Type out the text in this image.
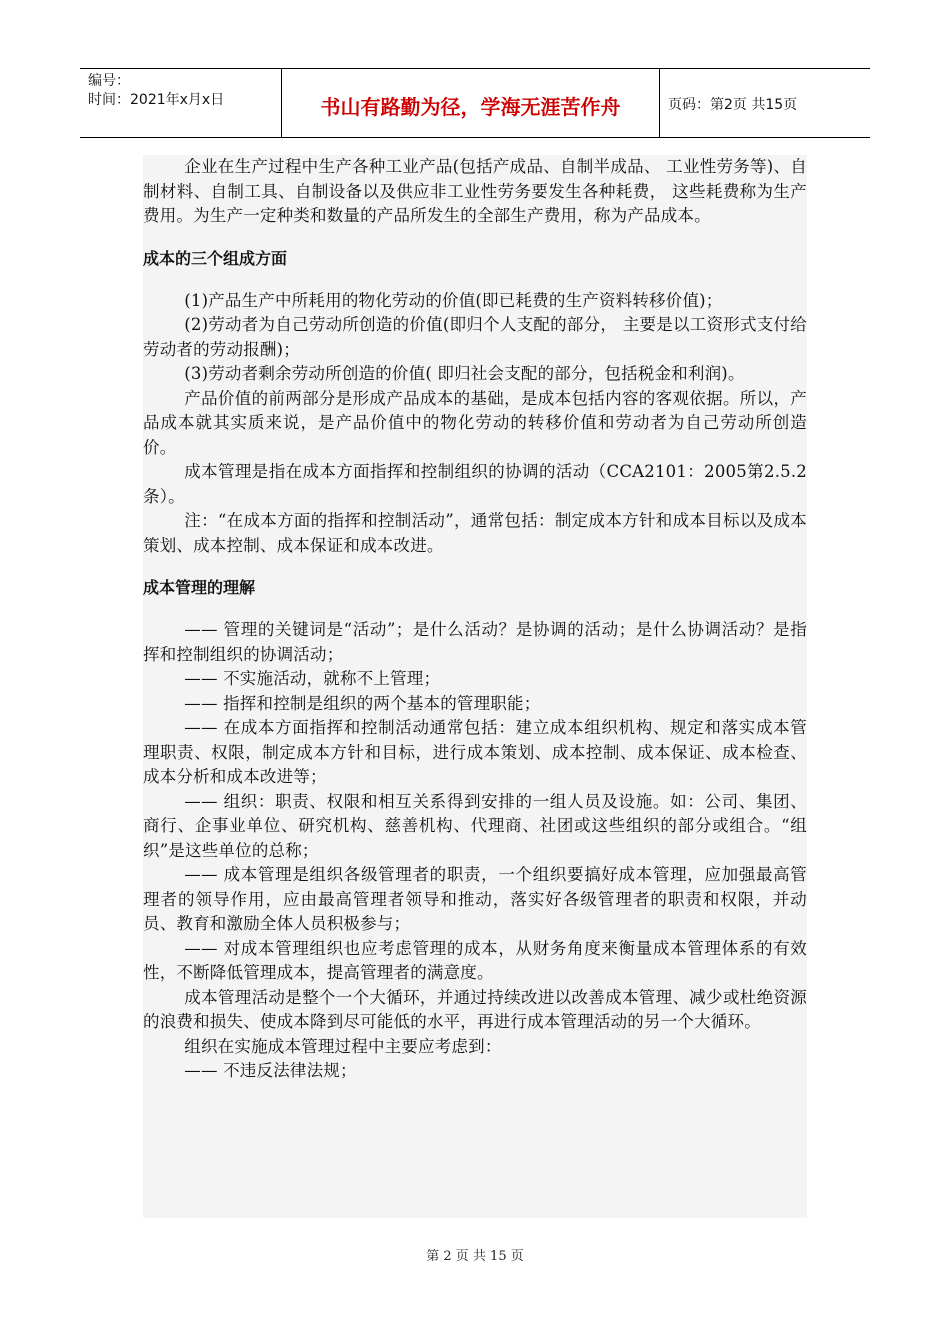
编号：
时间：2021年x月x日	书山有路勤为径，学海无涯苦作舟	页码：第2页 共15页

企业在生产过程中生产各种工业产品(包括产成品、自制半成品、 工业性劳务等)、自制材料、自制工具、自制设备以及供应非工业性劳务要发生各种耗费， 这些耗费称为生产费用。为生产一定种类和数量的产品所发生的全部生产费用，称为产品成本。

成本的三个组成方面

(1)产品生产中所耗用的物化劳动的价值(即已耗费的生产资料转移价值)；

(2)劳动者为自己劳动所创造的价值(即归个人支配的部分， 主要是以工资形式支付给劳动者的劳动报酬)；

(3)劳动者剩余劳动所创造的价值( 即归社会支配的部分，包括税金和利润)。

产品价值的前两部分是形成产品成本的基础，是成本包括内容的客观依据。所以，产品成本就其实质来说，是产品价值中的物化劳动的转移价值和劳动者为自己劳动所创造价。

成本管理是指在成本方面指挥和控制组织的协调的活动（CCA2101：2005第2.5.2条）。

注：“在成本方面的指挥和控制活动”，通常包括：制定成本方针和成本目标以及成本策划、成本控制、成本保证和成本改进。

成本管理的理解

—— 管理的关键词是“活动”；是什么活动？是协调的活动；是什么协调活动？是指挥和控制组织的协调活动；

—— 不实施活动，就称不上管理；

—— 指挥和控制是组织的两个基本的管理职能；

—— 在成本方面指挥和控制活动通常包括：建立成本组织机构、规定和落实成本管理职责、权限，制定成本方针和目标，进行成本策划、成本控制、成本保证、成本检查、成本分析和成本改进等；

—— 组织：职责、权限和相互关系得到安排的一组人员及设施。如：公司、集团、商行、企事业单位、研究机构、慈善机构、代理商、社团或这些组织的部分或组合。“组织”是这些单位的总称；

—— 成本管理是组织各级管理者的职责，一个组织要搞好成本管理，应加强最高管理者的领导作用，应由最高管理者领导和推动，落实好各级管理者的职责和权限，并动员、教育和激励全体人员积极参与；

—— 对成本管理组织也应考虑管理的成本，从财务角度来衡量成本管理体系的有效性，不断降低管理成本，提高管理者的满意度。

成本管理活动是整个一个大循环，并通过持续改进以改善成本管理、减少或杜绝资源的浪费和损失、使成本降到尽可能低的水平，再进行成本管理活动的另一个大循环。

组织在实施成本管理过程中主要应考虑到：

—— 不违反法律法规；

第 2 页 共 15 页
